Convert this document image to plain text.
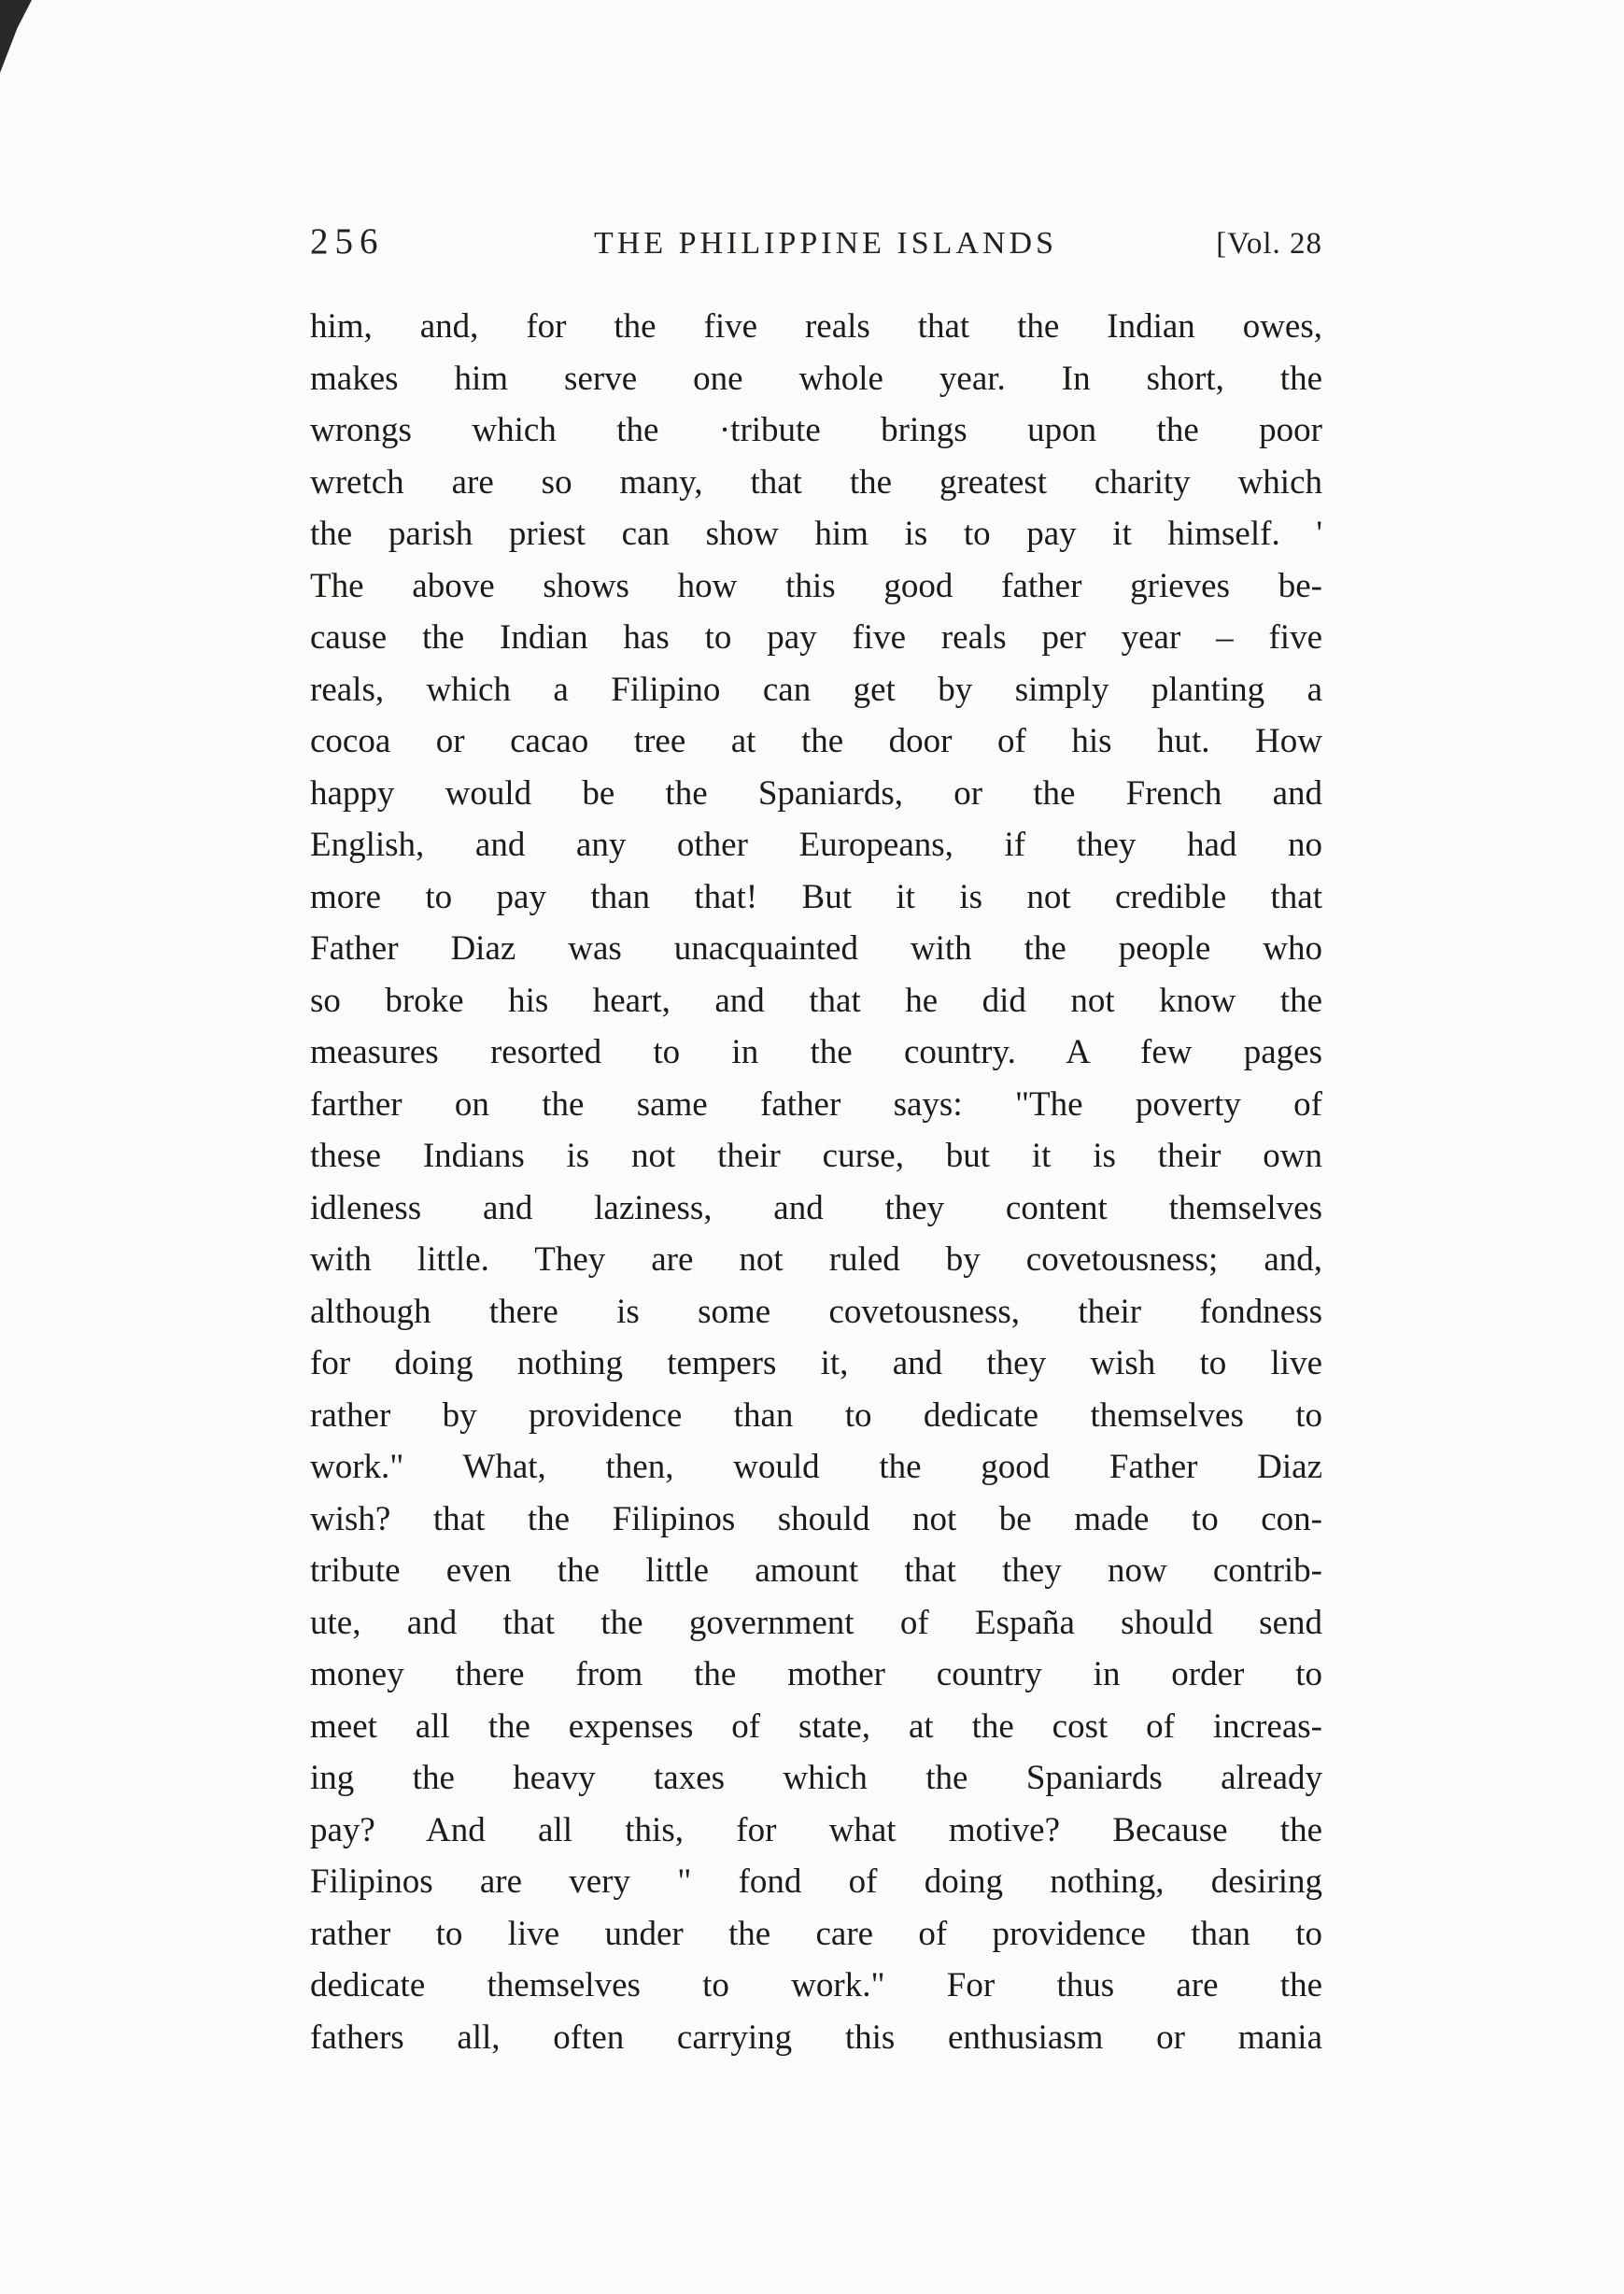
256	THE PHILIPPINE ISLANDS	[Vol. 28
him, and, for the five reals that the Indian owes,
makes him serve one whole year. In short, the
wrongs which the ·tribute brings upon the poor
wretch are so many, that the greatest charity which
the parish priest can show him is to pay it himself. '
The above shows how this good father grieves be-
cause the Indian has to pay five reals per year – five
reals, which a Filipino can get by simply planting a
cocoa or cacao tree at the door of his hut. How
happy would be the Spaniards, or the French and
English, and any other Europeans, if they had no
more to pay than that! But it is not credible that
Father Diaz was unacquainted with the people who
so broke his heart, and that he did not know the
measures resorted to in the country. A few pages
farther on the same father says: "The poverty of
these Indians is not their curse, but it is their own
idleness and laziness, and they content themselves
with little. They are not ruled by covetousness; and,
although there is some covetousness, their fondness
for doing nothing tempers it, and they wish to live
rather by providence than to dedicate themselves to
work." What, then, would the good Father Diaz
wish? that the Filipinos should not be made to con-
tribute even the little amount that they now contrib-
ute, and that the government of España should send
money there from the mother country in order to
meet all the expenses of state, at the cost of increas-
ing the heavy taxes which the Spaniards already
pay? And all this, for what motive? Because the
Filipinos are very " fond of doing nothing, desiring
rather to live under the care of providence than to
dedicate themselves to work." For thus are the
fathers all, often carrying this enthusiasm or mania
